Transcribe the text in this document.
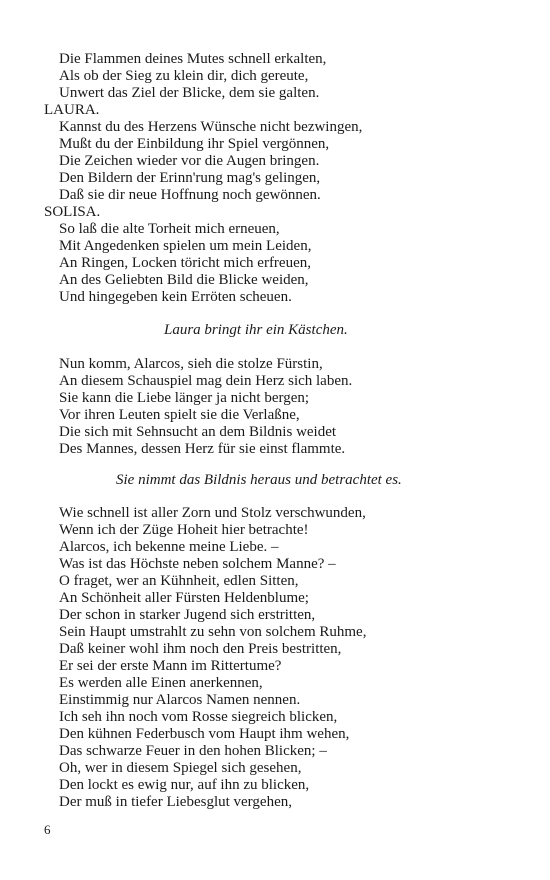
Die Flammen deines Mutes schnell erkalten,
Als ob der Sieg zu klein dir, dich gereute,
Unwert das Ziel der Blicke, dem sie galten.
LAURA.
Kannst du des Herzens Wünsche nicht bezwingen,
Mußt du der Einbildung ihr Spiel vergönnen,
Die Zeichen wieder vor die Augen bringen.
Den Bildern der Erinn'rung mag's gelingen,
Daß sie dir neue Hoffnung noch gewönnen.
SOLISA.
So laß die alte Torheit mich erneuen,
Mit Angedenken spielen um mein Leiden,
An Ringen, Locken töricht mich erfreuen,
An des Geliebten Bild die Blicke weiden,
Und hingegeben kein Erröten scheuen.
Laura bringt ihr ein Kästchen.
Nun komm, Alarcos, sieh die stolze Fürstin,
An diesem Schauspiel mag dein Herz sich laben.
Sie kann die Liebe länger ja nicht bergen;
Vor ihren Leuten spielt sie die Verlaßne,
Die sich mit Sehnsucht an dem Bildnis weidet
Des Mannes, dessen Herz für sie einst flammte.
Sie nimmt das Bildnis heraus und betrachtet es.
Wie schnell ist aller Zorn und Stolz verschwunden,
Wenn ich der Züge Hoheit hier betrachte!
Alarcos, ich bekenne meine Liebe. –
Was ist das Höchste neben solchem Manne? –
O fraget, wer an Kühnheit, edlen Sitten,
An Schönheit aller Fürsten Heldenblume;
Der schon in starker Jugend sich erstritten,
Sein Haupt umstrahlt zu sehn von solchem Ruhme,
Daß keiner wohl ihm noch den Preis bestritten,
Er sei der erste Mann im Rittertume?
Es werden alle Einen anerkennen,
Einstimmig nur Alarcos Namen nennen.
Ich seh ihn noch vom Rosse siegreich blicken,
Den kühnen Federbusch vom Haupt ihm wehen,
Das schwarze Feuer in den hohen Blicken; –
Oh, wer in diesem Spiegel sich gesehen,
Den lockt es ewig nur, auf ihn zu blicken,
Der muß in tiefer Liebesglut vergehen,
6
